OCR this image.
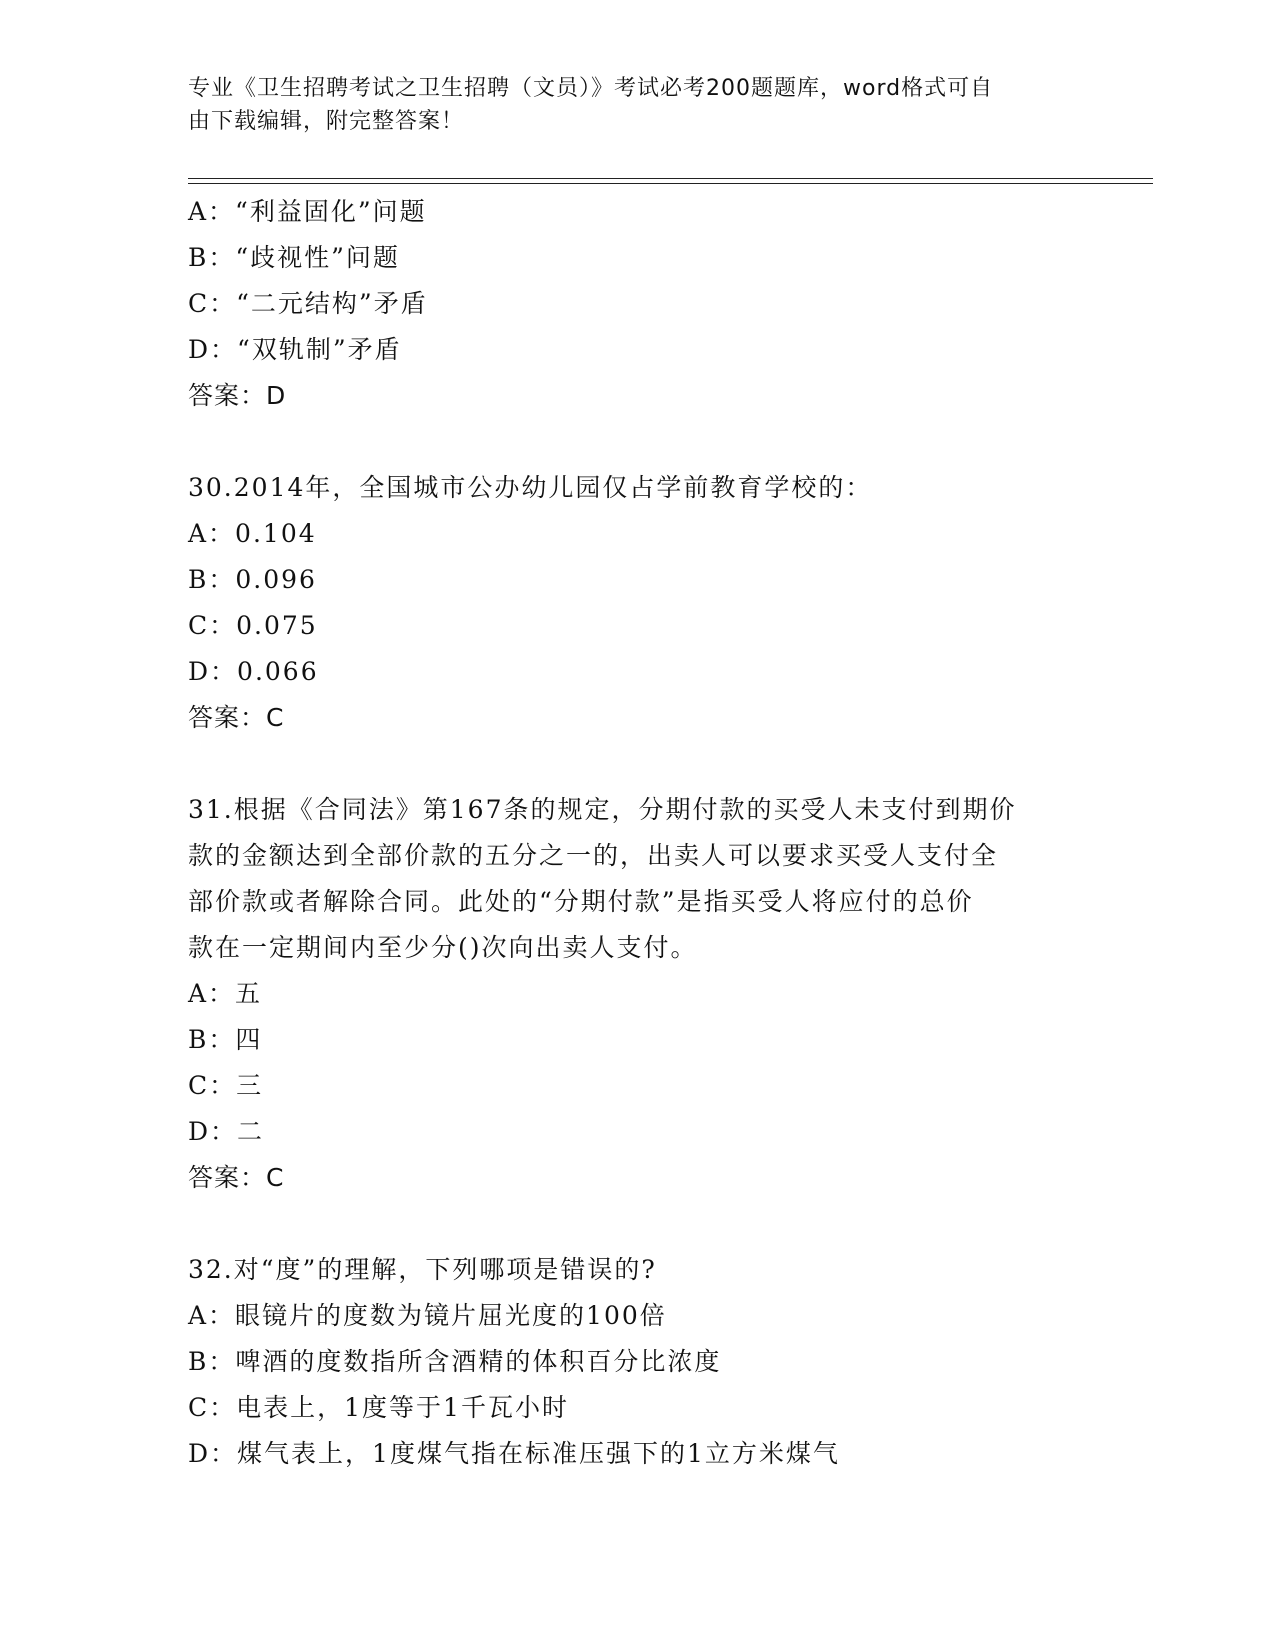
专业《卫生招聘考试之卫生招聘（文员）》考试必考200题题库，word格式可自
由下载编辑，附完整答案！
A：“利益固化”问题
B：“歧视性”问题
C：“二元结构”矛盾
D：“双轨制”矛盾
答案：D
30.2014年，全国城市公办幼儿园仅占学前教育学校的：
A：0.104
B：0.096
C：0.075
D：0.066
答案：C
31.根据《合同法》第167条的规定，分期付款的买受人未支付到期价
款的金额达到全部价款的五分之一的，出卖人可以要求买受人支付全
部价款或者解除合同。此处的“分期付款”是指买受人将应付的总价
款在一定期间内至少分()次向出卖人支付。
A：五
B：四
C：三
D：二
答案：C
32.对“度”的理解，下列哪项是错误的?
A：眼镜片的度数为镜片屈光度的100倍
B：啤酒的度数指所含酒精的体积百分比浓度
C：电表上，1度等于1千瓦小时
D：煤气表上，1度煤气指在标准压强下的1立方米煤气
